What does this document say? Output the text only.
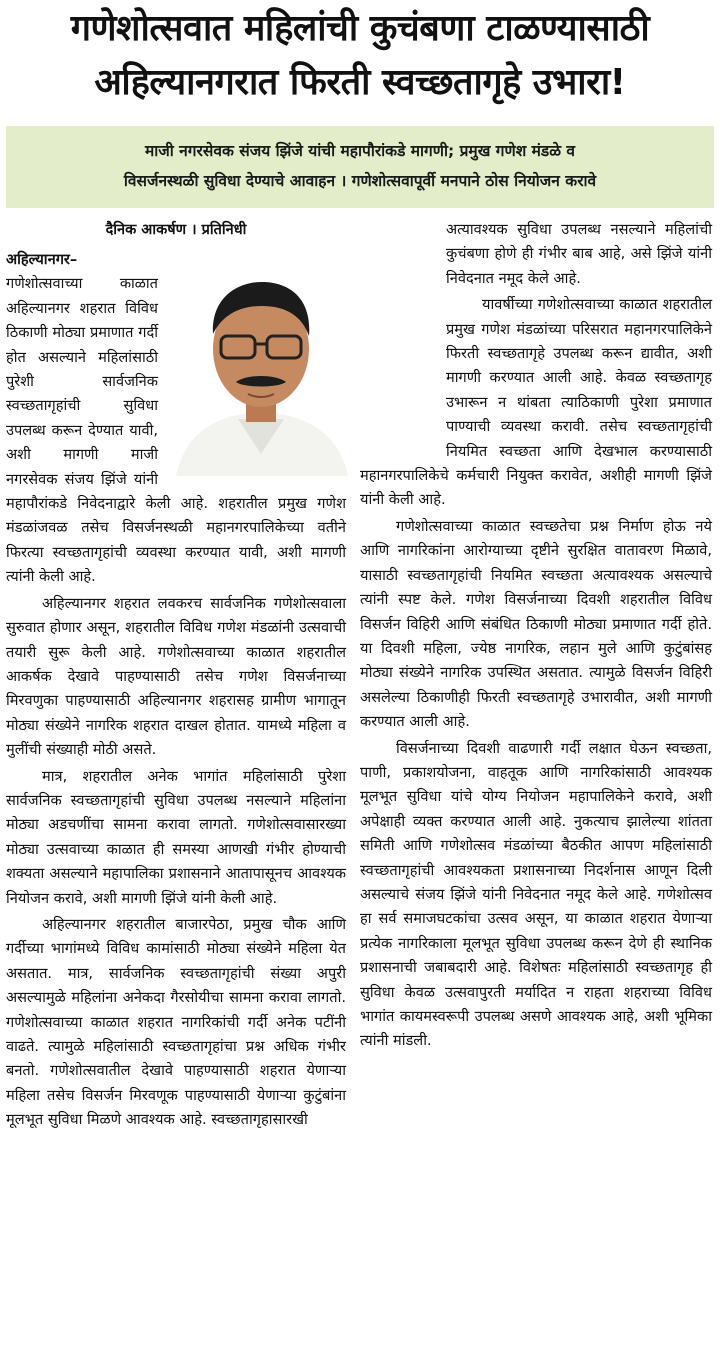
गणेशोत्सवात महिलांची कुचंबणा टाळण्यासाठी
अहिल्यानगरात फिरती स्वच्छतागृहे उभारा!
माजी नगरसेवक संजय झिंजे यांची महापौरांकडे मागणी; प्रमुख गणेश मंडळे व
विसर्जनस्थळी सुविधा देण्याचे आवाहन । गणेशोत्सवापूर्वी मनपाने ठोस नियोजन करावे
दैनिक आकर्षण । प्रतिनिधी

अहिल्यानगर– गणेशोत्सवाच्या काळात अहिल्यानगर शहरात विविध ठिकाणी मोठ्या प्रमाणात गर्दी होत असल्याने महिलांसाठी पुरेशी सार्वजनिक स्वच्छतागृहांची सुविधा उपलब्ध करून देण्यात यावी, अशी मागणी माजी नगरसेवक संजय झिंजे यांनी महापौरांकडे निवेदनाद्वारे केली आहे. शहरातील प्रमुख गणेश मंडळांजवळ तसेच विसर्जनस्थळी महानगरपालिकेच्या वतीने फिरत्या स्वच्छतागृहांची व्यवस्था करण्यात यावी, अशी मागणी त्यांनी केली आहे.

अहिल्यानगर शहरात लवकरच सार्वजनिक गणेशोत्सवाला सुरुवात होणार असून, शहरातील विविध गणेश मंडळांनी उत्सवाची तयारी सुरू केली आहे. गणेशोत्सवाच्या काळात शहरातील आकर्षक देखावे पाहण्यासाठी तसेच गणेश विसर्जनाच्या मिरवणुका पाहण्यासाठी अहिल्यानगर शहरासह ग्रामीण भागातून मोठ्या संख्येने नागरिक शहरात दाखल होतात. यामध्ये महिला व मुलींची संख्याही मोठी असते.

मात्र, शहरातील अनेक भागांत महिलांसाठी पुरेशा सार्वजनिक स्वच्छतागृहांची सुविधा उपलब्ध नसल्याने महिलांना मोठ्या अडचणींचा सामना करावा लागतो. गणेशोत्सवासारख्या मोठ्या उत्सवाच्या काळात ही समस्या आणखी गंभीर होण्याची शक्यता असल्याने महापालिका प्रशासनाने आतापासूनच आवश्यक नियोजन करावे, अशी मागणी झिंजे यांनी केली आहे.

अहिल्यानगर शहरातील बाजारपेठा, प्रमुख चौक आणि गर्दीच्या भागांमध्ये विविध कामांसाठी मोठ्या संख्येने महिला येत असतात. मात्र, सार्वजनिक स्वच्छतागृहांची संख्या अपुरी असल्यामुळे महिलांना अनेकदा गैरसोयीचा सामना करावा लागतो. गणेशोत्सवाच्या काळात शहरात नागरिकांची गर्दी अनेक पटींनी वाढते. त्यामुळे महिलांसाठी स्वच्छतागृहांचा प्रश्न अधिक गंभीर बनतो. गणेशोत्सवातील देखावे पाहण्यासाठी शहरात येणाऱ्या महिला तसेच विसर्जन मिरवणूक पाहण्यासाठी येणाऱ्या कुटुंबांना मूलभूत सुविधा मिळणे आवश्यक आहे. स्वच्छतागृहासारखी

अत्यावश्यक सुविधा उपलब्ध नसल्याने महिलांची कुचंबणा होणे ही गंभीर बाब आहे, असे झिंजे यांनी निवेदनात नमूद केले आहे.

यावर्षीच्या गणेशोत्सवाच्या काळात शहरातील प्रमुख गणेश मंडळांच्या परिसरात महानगरपालिकेने फिरती स्वच्छतागृहे उपलब्ध करून द्यावीत, अशी मागणी करण्यात आली आहे. केवळ स्वच्छतागृह उभारून न थांबता त्याठिकाणी पुरेशा प्रमाणात पाण्याची व्यवस्था करावी. तसेच स्वच्छतागृहांची नियमित स्वच्छता आणि देखभाल करण्यासाठी महानगरपालिकेचे कर्मचारी नियुक्त करावेत, अशीही मागणी झिंजे यांनी केली आहे.

गणेशोत्सवाच्या काळात स्वच्छतेचा प्रश्न निर्माण होऊ नये आणि नागरिकांना आरोग्याच्या दृष्टीने सुरक्षित वातावरण मिळावे, यासाठी स्वच्छतागृहांची नियमित स्वच्छता अत्यावश्यक असल्याचे त्यांनी स्पष्ट केले. गणेश विसर्जनाच्या दिवशी शहरातील विविध विसर्जन विहिरी आणि संबंधित ठिकाणी मोठ्या प्रमाणात गर्दी होते. या दिवशी महिला, ज्येष्ठ नागरिक, लहान मुले आणि कुटुंबांसह मोठ्या संख्येने नागरिक उपस्थित असतात. त्यामुळे विसर्जन विहिरी असलेल्या ठिकाणीही फिरती स्वच्छतागृहे उभारावीत, अशी मागणी करण्यात आली आहे.

विसर्जनाच्या दिवशी वाढणारी गर्दी लक्षात घेऊन स्वच्छता, पाणी, प्रकाशयोजना, वाहतूक आणि नागरिकांसाठी आवश्यक मूलभूत सुविधा यांचे योग्य नियोजन महापालिकेने करावे, अशी अपेक्षाही व्यक्त करण्यात आली आहे. नुकत्याच झालेल्या शांतता समिती आणि गणेशोत्सव मंडळांच्या बैठकीत आपण महिलांसाठी स्वच्छतागृहांची आवश्यकता प्रशासनाच्या निदर्शनास आणून दिली असल्याचे संजय झिंजे यांनी निवेदनात नमूद केले आहे. गणेशोत्सव हा सर्व समाजघटकांचा उत्सव असून, या काळात शहरात येणाऱ्या प्रत्येक नागरिकाला मूलभूत सुविधा उपलब्ध करून देणे ही स्थानिक प्रशासनाची जबाबदारी आहे. विशेषतः महिलांसाठी स्वच्छतागृह ही सुविधा केवळ उत्सवापुरती मर्यादित न राहता शहराच्या विविध भागांत कायमस्वरूपी उपलब्ध असणे आवश्यक आहे, अशी भूमिका त्यांनी मांडली.
